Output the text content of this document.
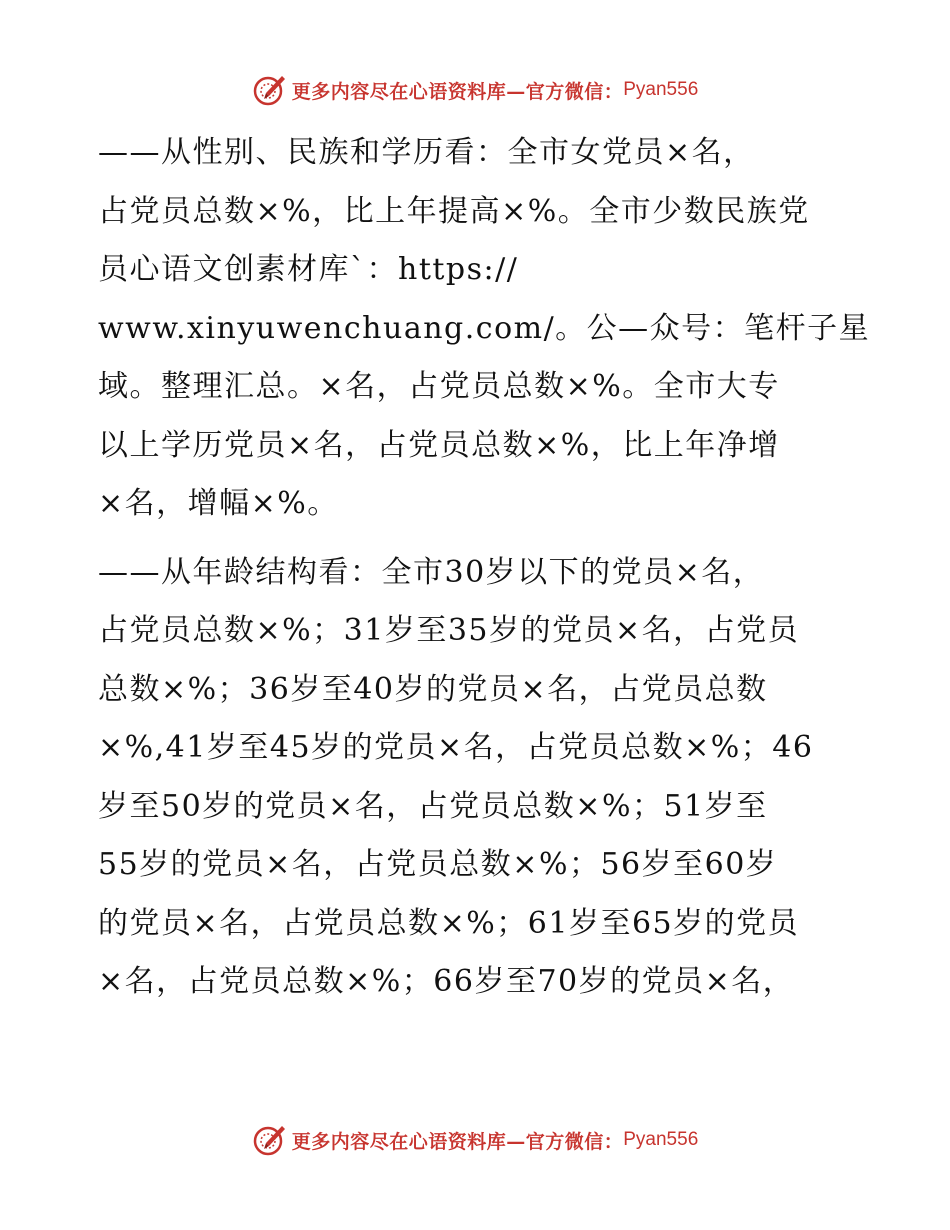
更多内容尽在心语资料库—官方微信： Pyan556
——从性别、民族和学历看：全市女党员×名，
占党员总数×%，比上年提高×%。全市少数民族党
员心语文创素材库`：https://
www.xinyuwenchuang.com/。公—众号：笔杆子星
域。整理汇总。×名，占党员总数×%。全市大专
以上学历党员×名，占党员总数×%，比上年净增
×名，增幅×%。
——从年龄结构看：全市30岁以下的党员×名，
占党员总数×%；31岁至35岁的党员×名，占党员
总数×%；36岁至40岁的党员×名，占党员总数
×%,41岁至45岁的党员×名，占党员总数×%；46
岁至50岁的党员×名，占党员总数×%；51岁至
55岁的党员×名，占党员总数×%；56岁至60岁
的党员×名，占党员总数×%；61岁至65岁的党员
×名，占党员总数×%；66岁至70岁的党员×名，
更多内容尽在心语资料库—官方微信： Pyan556
